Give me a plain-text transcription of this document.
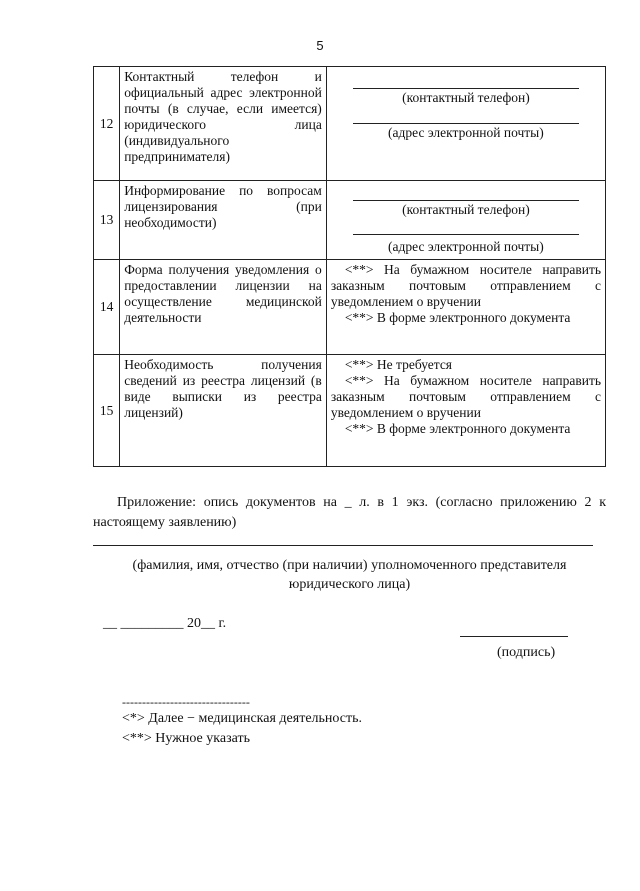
5
12	Контактный телефон и официальный адрес электронной почты (в случае, если имеется) юридического лица (индивидуального предпринимателя)	(контактный телефон)
(адрес электронной почты)

13	Информирование по вопросам лицензирования (при необходимости)	(контактный телефон)
(адрес электронной почты)

14	Форма получения уведомления о предоставлении лицензии на осуществление медицинской деятельности	<**> На бумажном носителе направить заказным почтовым отправлением с уведомлением о вручении
<**> В форме электронного документа

15	Необходимость получения сведений из реестра лицензий (в виде выписки из реестра лицензий)	<**> Не требуется
<**> На бумажном носителе направить заказным почтовым отправлением с уведомлением о вручении
<**> В форме электронного документа
Приложение: опись документов на _ л. в 1 экз. (согласно приложению 2 к настоящему заявлению)
(фамилия, имя, отчество (при наличии) уполномоченного представителя юридического лица)
__ _________ 20__ г.
(подпись)
--------------------------------
<*> Далее − медицинская деятельность.
<**> Нужное указать
